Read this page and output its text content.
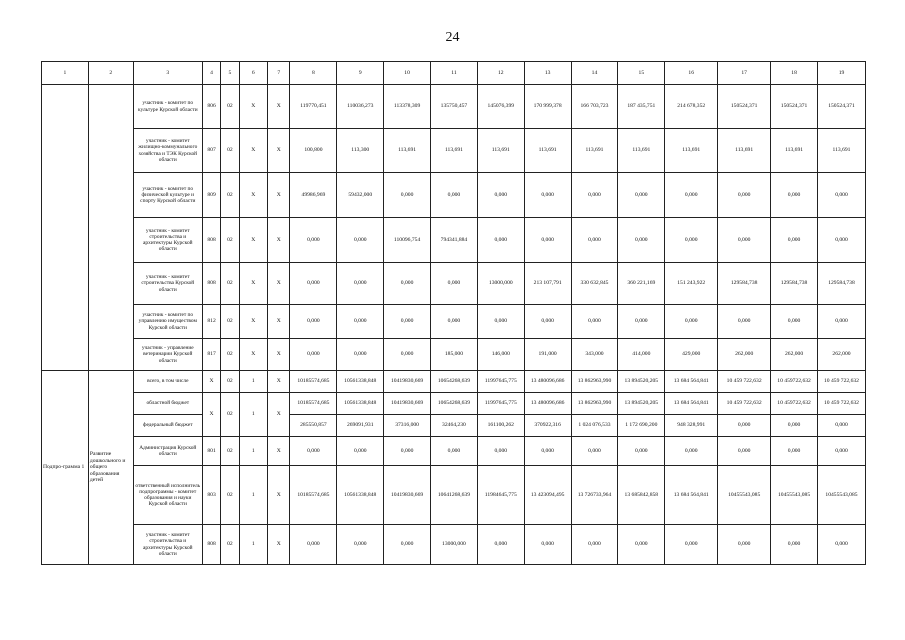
24
1	2	3	4	5	6	7	8	9	10	11	12	13	14	15	16	17	18	19
		участник - комитет по культуре Курской области	806	02	X	X	119770,451	110036,273	113378,309	135750,457	145076,399	170 999,378	166 703,723	187 435,751	214 678,352	150524,371	150524,371	150524,371
		участник - комитет жилищно-коммунального хозяйства и ТЭК Курской области	807	02	X	X	100,800	113,300	113,691	113,691	113,691	113,691	113,691	113,691	113,691	113,691	113,691	113,691
		участник - комитет по физической культуре и спорту Курской области	809	02	X	X	49986,969	59432,000	0,000	0,000	0,000	0,000	0,000	0,000	0,000	0,000	0,000	0,000
		участник - комитет строительства и архитектуры Курской области	808	02	X	X	0,000	0,000	110096,754	794341,884	0,000	0,000	0,000	0,000	0,000	0,000	0,000	0,000
		участник - комитет строительства Курской области	808	02	X	X	0,000	0,000	0,000	0,000	13000,000	213 107,791	330 632,845	360 221,169	151 243,922	129584,738	129584,738	129584,738
		участник - комитет по управлению имуществом Курской области	812	02	X	X	0,000	0,000	0,000	0,000	0,000	0,000	0,000	0,000	0,000	0,000	0,000	0,000
		участник - управление ветеринарии Курской области	817	02	X	X	0,000	0,000	0,000	185,000	146,000	191,000	343,000	414,000	429,000	262,000	262,000	262,000
Подпро-грамма 1	Развитие дошкольного и общего образования детей	всего, в том числе	X	02	1	X	10185574,685	10561338,848	10419830,669	10654268,639	11997645,775	13 480096,686	13 862963,990	13 894520,205	13 684 564,841	10 459 722,632	10 459722,632	10 459 722,632
		областной бюджет	X	02	1	X	10185574,685	10561338,848	10419830,669	10654268,639	11997645,775	13 480096,686	13 862963,990	13 894520,205	13 684 564,841	10 459 722,632	10 459722,632	10 459 722,632
		федеральный бюджет					285550,857	269091,931	37316,000	32464,230	161100,262	370922,316	1 024 076,533	1 172 690,200	948 328,991	0,000	0,000	0,000
		Администрация Курской области	801	02	1	X	0,000	0,000	0,000	0,000	0,000	0,000	0,000	0,000	0,000	0,000	0,000	0,000
		ответственный исполнитель подпрограммы - комитет образования и науки Курской области	803	02	1	X	10185574,685	10561338,848	10419830,669	10641268,639	11984645,775	13 423094,495	13 726733,964	13 685842,858	13 684 564,841	10455543,085	10455543,085	10455543,085
		участник - комитет строительства и архитектуры Курской области	808	02	1	X	0,000	0,000	0,000	13000,000	0,000	0,000	0,000	0,000	0,000	0,000	0,000	0,000
